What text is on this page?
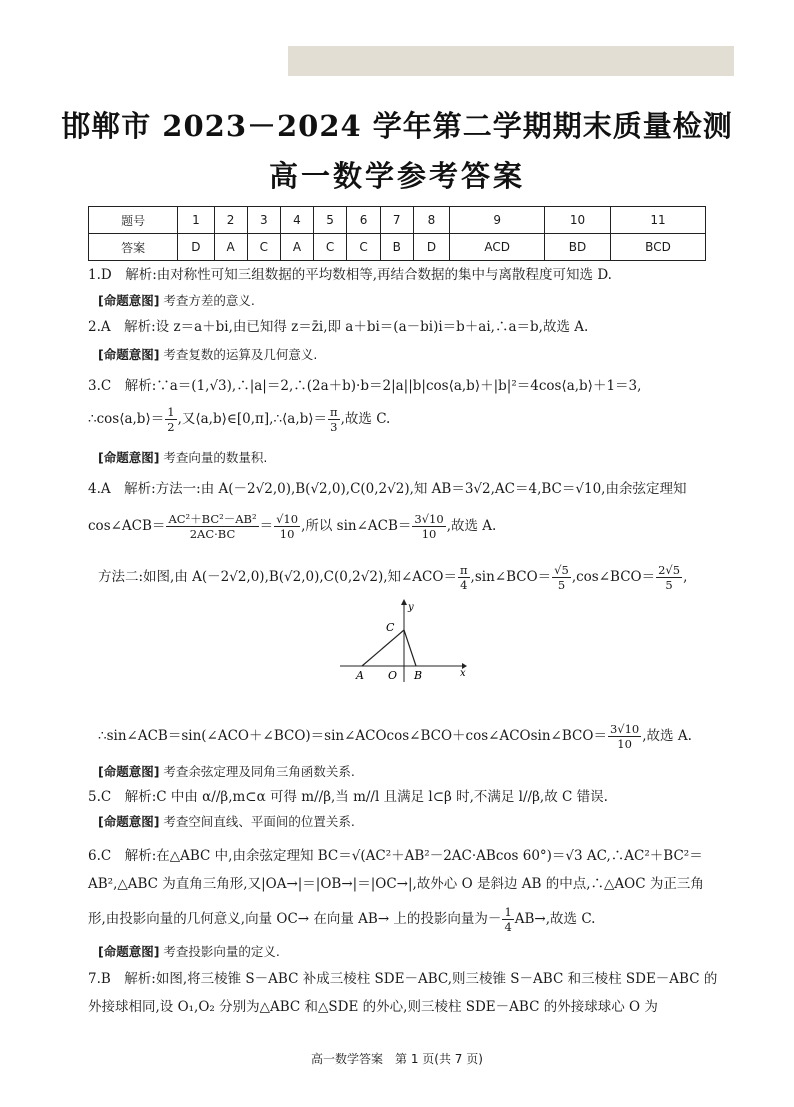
邯郸市 2023－2024 学年第二学期期末质量检测
高一数学参考答案
题号	1	2	3	4	5	6	7	8	9	10	11
答案	D	A	C	A	C	C	B	D	ACD	BD	BCD
1.D　解析:由对称性可知三组数据的平均数相等,再结合数据的集中与离散程度可知选 D.
[命题意图] 考查方差的意义.
2.A　解析:设 z＝a＋bi,由已知得 z＝z̄i,即 a＋bi＝(a－bi)i＝b＋ai,∴a＝b,故选 A.
[命题意图] 考查复数的运算及几何意义.
3.C　解析:∵a＝(1,√3),∴|a|＝2,∴(2a＋b)·b＝2|a||b|cos⟨a,b⟩＋|b|²＝4cos⟨a,b⟩＋1＝3,
∴cos⟨a,b⟩＝ $\frac{1}{2}$ ,又⟨a,b⟩∈[0,π],∴⟨a,b⟩＝ $\frac{\pi}{3}$ ,故选 C.
[命题意图] 考查向量的数量积.
4.A　解析:方法一:由 A(－2√2,0),B(√2,0),C(0,2√2),知 AB＝3√2,AC＝4,BC＝√10,由余弦定理知
cos∠ACB＝ $\frac{\text{AC²＋BC²－AB²}}{2AC\cdot BC} = \frac{√10}{10}$ ,所以 sin∠ACB＝ $\frac{3√10}{10}$ ,故选 A.
方法二:如图,由 A(－2√2,0),B(√2,0),C(0,2√2),知∠ACO＝ $\frac{\pi}{4}$ ,sin∠BCO＝ $\frac{√5}{5}$ ,cos∠BCO＝ $\frac{2√5}{5}$ ,
x
y
C
A O B
∴sin∠ACB＝sin(∠ACO＋∠BCO)＝sin∠ACOcos∠BCO＋cos∠ACOsin∠BCO＝ $\frac{3√10}{10}$ ,故选 A.
[命题意图] 考查余弦定理及同角三角函数关系.
5.C　解析:C 中由 α//β,m⊂α 可得 m//β,当 m//l 且满足 l⊂β 时,不满足 l//β,故 C 错误.
[命题意图] 考查空间直线、平面间的位置关系.
6.C　解析:在△ABC 中,由余弦定理知 BC＝√(AC²＋AB²－2AC·ABcos 60°)＝√3 AC,∴AC²＋BC²＝
AB²,△ABC 为直角三角形,又|OA→|＝|OB→|＝|OC→|,故外心 O 是斜边 AB 的中点,∴△AOC 为正三角
形,由投影向量的几何意义,向量 OC→ 在向量 AB→ 上的投影向量为－ $\frac{1}{4} AB\to$,故选 C.
[命题意图] 考查投影向量的定义.
7.B　解析:如图,将三棱锥 S－ABC 补成三棱柱 SDE－ABC,则三棱锥 S－ABC 和三棱柱 SDE－ABC 的
外接球相同,设 O₁,O₂ 分别为△ABC 和△SDE 的外心,则三棱柱 SDE－ABC 的外接球球心 O 为
高一数学答案　第 1 页(共 7 页)
